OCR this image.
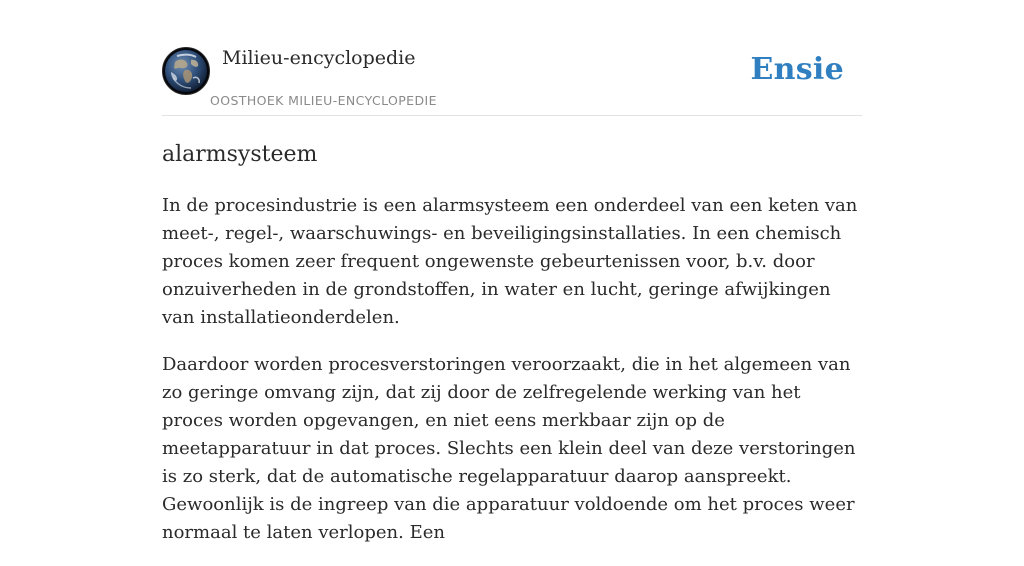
Milieu-encyclopedie
OOSTHOEK MILIEU-ENCYCLOPEDIE
Ensie
alarmsysteem

In de procesindustrie is een alarmsysteem een onderdeel van een keten van meet-, regel-, waarschuwings- en beveiligingsinstallaties. In een chemisch proces komen zeer frequent ongewenste gebeurtenissen voor, b.v. door onzuiverheden in de grondstoffen, in water en lucht, geringe afwijkingen van installatieonderdelen.

Daardoor worden procesverstoringen veroorzaakt, die in het algemeen van zo geringe omvang zijn, dat zij door de zelfregelende werking van het proces worden opgevangen, en niet eens merkbaar zijn op de meetapparatuur in dat proces. Slechts een klein deel van deze verstoringen is zo sterk, dat de automatische regelapparatuur daarop aanspreekt. Gewoonlijk is de ingreep van die apparatuur voldoende om het proces weer normaal te laten verlopen. Een
